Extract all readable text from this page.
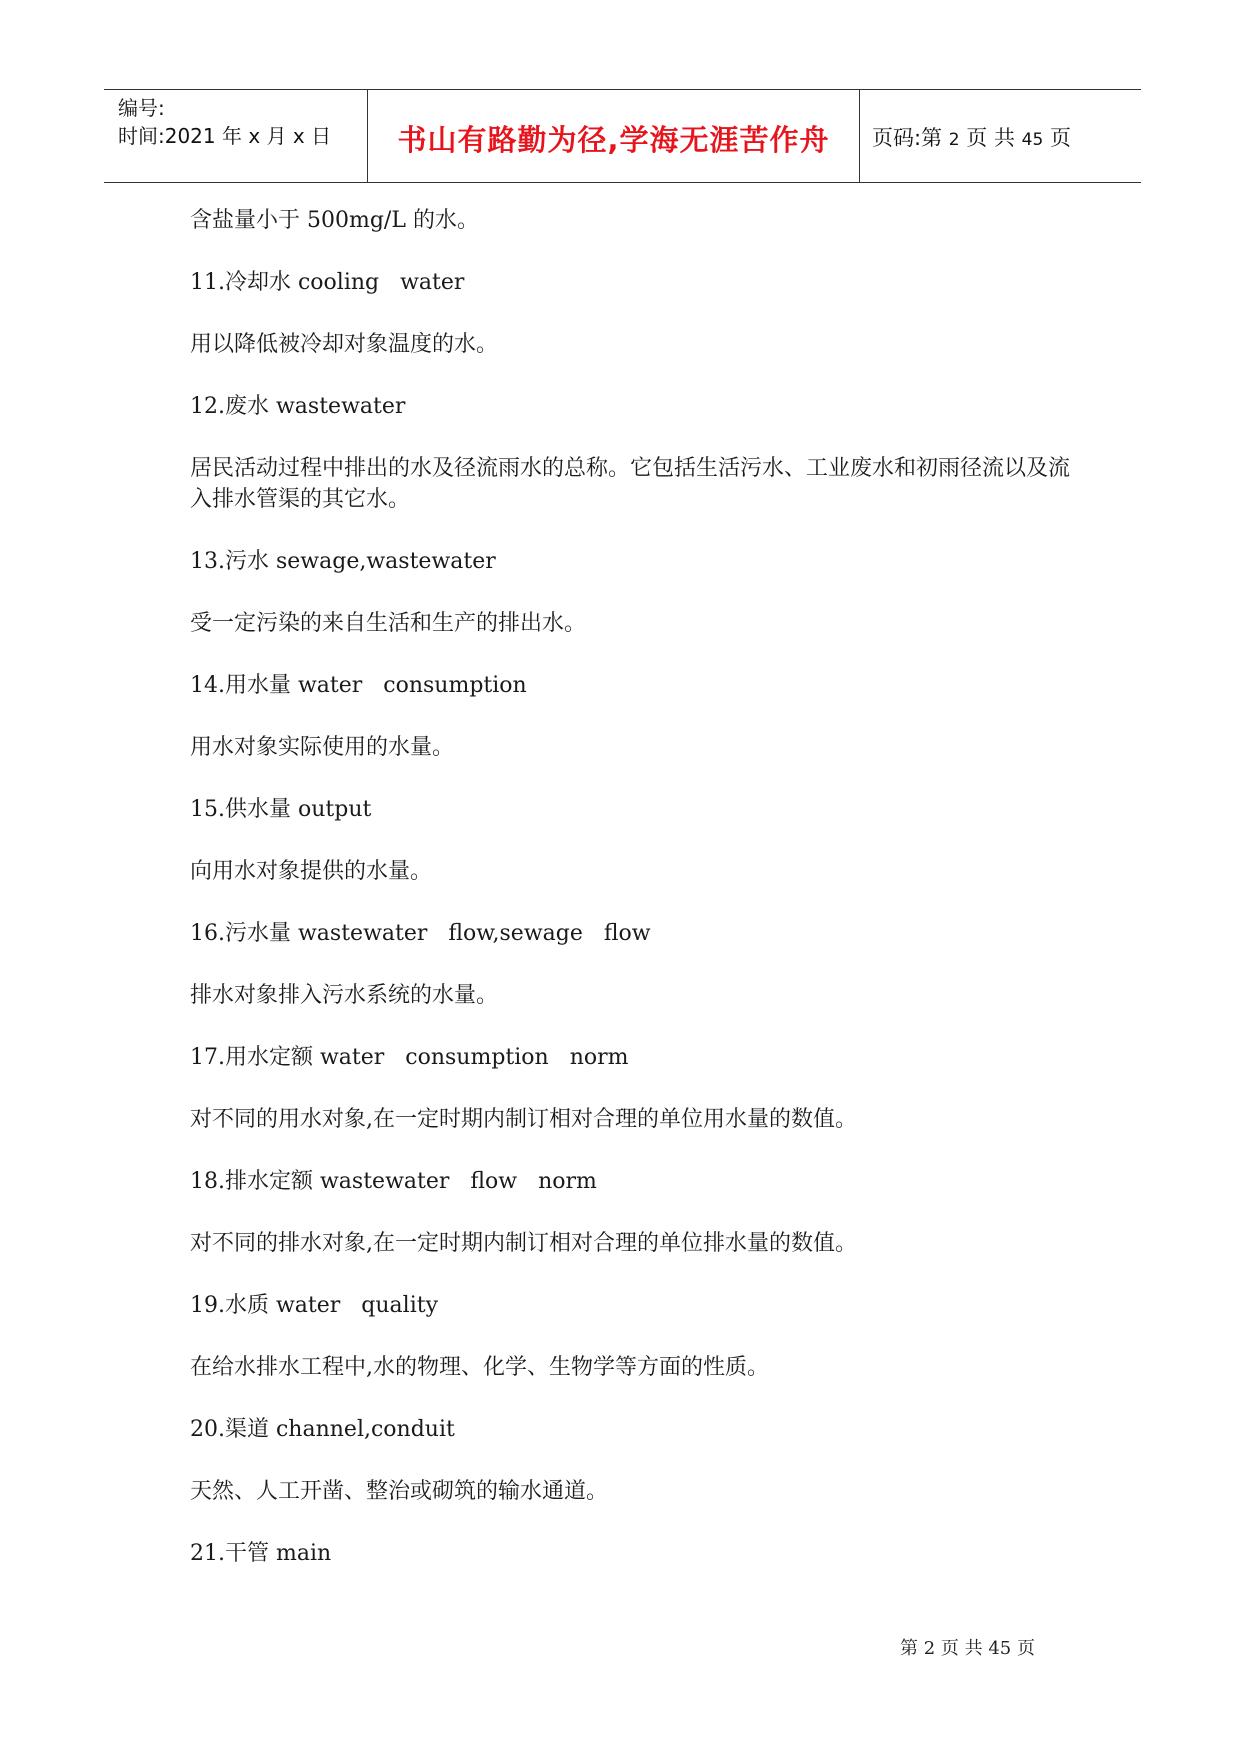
编号:
时间:2021 年 x 月 x 日	书山有路勤为径,学海无涯苦作舟	页码:第 2 页 共 45 页

含盐量小于 500mg/L 的水。

11.冷却水 cooling   water

用以降低被冷却对象温度的水。

12.废水 wastewater

居民活动过程中排出的水及径流雨水的总称。它包括生活污水、工业废水和初雨径流以及流入排水管渠的其它水。

13.污水 sewage,wastewater

受一定污染的来自生活和生产的排出水。

14.用水量 water   consumption

用水对象实际使用的水量。

15.供水量 output

向用水对象提供的水量。

16.污水量 wastewater   flow,sewage   flow

排水对象排入污水系统的水量。

17.用水定额 water   consumption   norm

对不同的用水对象,在一定时期内制订相对合理的单位用水量的数值。

18.排水定额 wastewater   flow   norm

对不同的排水对象,在一定时期内制订相对合理的单位排水量的数值。

19.水质 water   quality

在给水排水工程中,水的物理、化学、生物学等方面的性质。

20.渠道 channel,conduit

天然、人工开凿、整治或砌筑的输水通道。

21.干管 main

第 2 页 共 45 页
